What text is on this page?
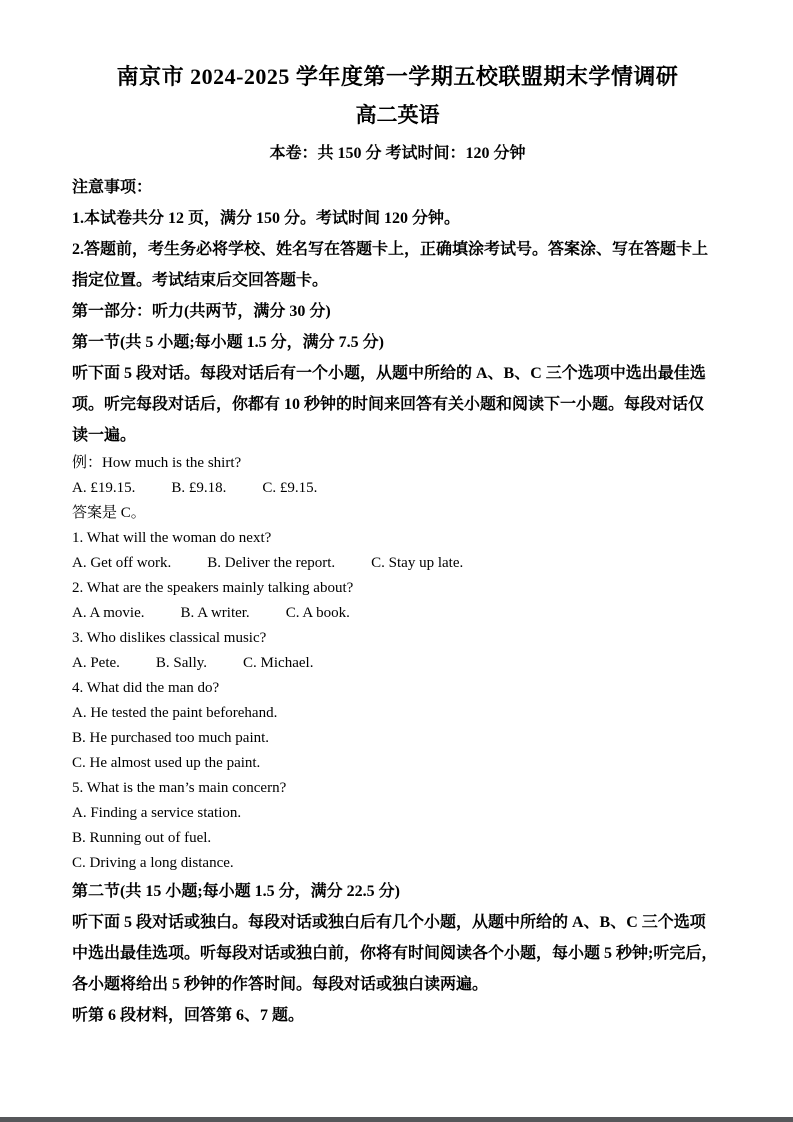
南京市 2024-2025 学年度第一学期五校联盟期末学情调研
高二英语
本卷：共 150 分 考试时间：120 分钟
注意事项：
1.本试卷共分 12 页，满分 150 分。考试时间 120 分钟。
2.答题前，考生务必将学校、姓名写在答题卡上，正确填涂考试号。答案涂、写在答题卡上
指定位置。考试结束后交回答题卡。
第一部分：听力(共两节，满分 30 分)
第一节(共 5 小题;每小题 1.5 分，满分 7.5 分)
听下面 5 段对话。每段对话后有一个小题，从题中所给的 A、B、C 三个选项中选出最佳选
项。听完每段对话后，你都有 10 秒钟的时间来回答有关小题和阅读下一小题。每段对话仅
读一遍。
例：How much is the shirt?
A. £19.15. B. £9.18. C. £9.15.
答案是 C。
1. What will the woman do next?
A. Get off work. B. Deliver the report. C. Stay up late.
2. What are the speakers mainly talking about?
A. A movie. B. A writer. C. A book.
3. Who dislikes classical music?
A. Pete. B. Sally. C. Michael.
4. What did the man do?
A. He tested the paint beforehand.
B. He purchased too much paint.
C. He almost used up the paint.
5. What is the man’s main concern?
A. Finding a service station.
B. Running out of fuel.
C. Driving a long distance.
第二节(共 15 小题;每小题 1.5 分，满分 22.5 分)
听下面 5 段对话或独白。每段对话或独白后有几个小题，从题中所给的 A、B、C 三个选项
中选出最佳选项。听每段对话或独白前，你将有时间阅读各个小题，每小题 5 秒钟;听完后，
各小题将给出 5 秒钟的作答时间。每段对话或独白读两遍。
听第 6 段材料，回答第 6、7 题。
